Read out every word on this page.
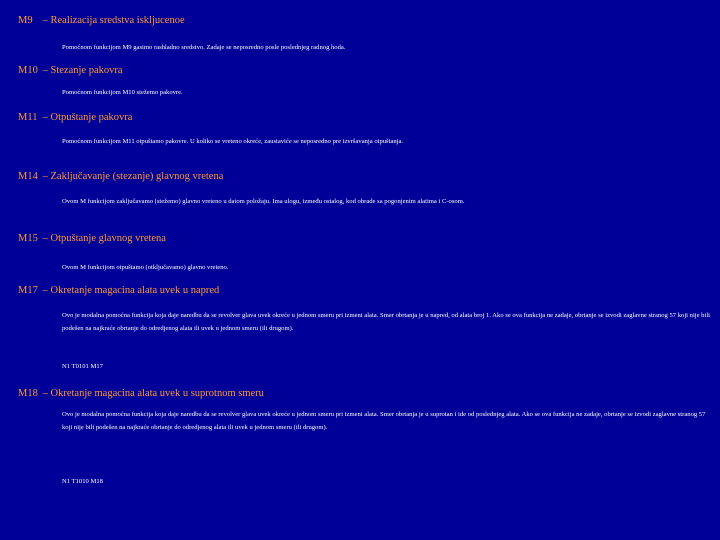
M9 – Realizacija sredstva iskljucenoe

Pomoćnom funkcijom M9 gasimo rashladno sredstvo. Zadaje se neposredno posle poslednjeg radnog hoda.

M10 – Stezanje pakovra

Pomoćnom funkcijom M10 stežemo pakovre.

M11 – Otpuštanje pakovra

Pomoćnom funkcijom M11 otpuštamo pakovre. U koliko se vreteno okreće, zaustaviće se neposredno pre izvršavanja otpuštanja.

M14 – Zaključavanje (stezanje) glavnog vretena

Ovom M funkcijom zaključavamo (stežemo) glavno vreteno u datom položaju. Ima ulogu, između ostalog, kod obrade sa pogonjenim alatima i C-osom.

M15 – Otpuštanje glavnog vretena

Ovom M funkcijom otpuštamo (otključavamo) glavno vreteno.

M17 – Okretanje magacina alata uvek u napred

Ovo je modalna pomoćna funkcija koja daje naredbu da se revolver glava uvek okreće u jednom smeru pri izmeni alata. Smer obrtanja je u napred, od alata broj 1. Ako se ova funkcija ne zadaje, obrtanje se izvodi zaglavne stranog 57 koji nije bili podešen na najkraće obrtanje do odredjenog alata ili uvek u jednom smeru (ili drugom).

N1 T0101 M17

M18 – Okretanje magacina alata uvek u suprotnom smeru

Ovo je modalna pomoćna funkcija koja daje naredbu da se revolver glava uvek okreće u jednom smeru pri izmeni alata. Smer obrtanja je u suprotan i ide od poslednjeg alata. Ako se ova funkcija ne zadaje, obrtanje se izvodi zaglavne stranog 57 koji nije bili podešen na najkraće obrtanje do odredjenog alata ili uvek u jednom smeru (ili drugom).

N1 T1010 M18
